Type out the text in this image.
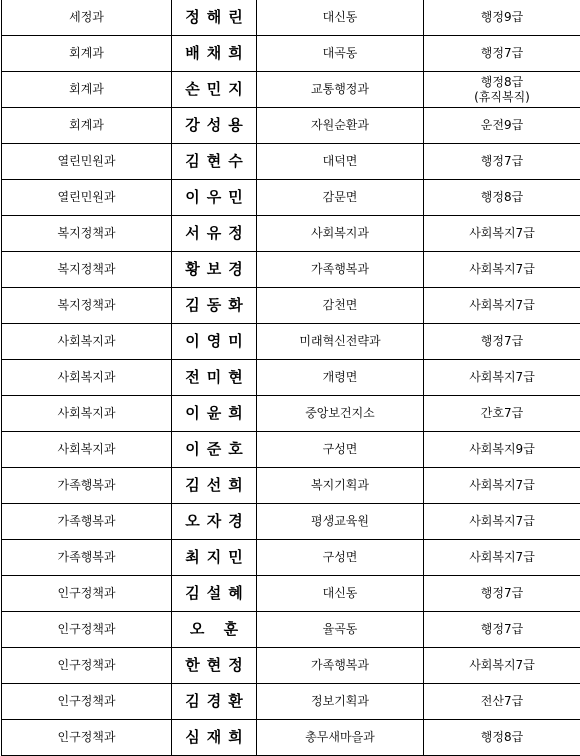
세정과	정해린	대신동	행정9급

회계과	배채희	대곡동	행정7급

회계과	손민지	교통행정과	행정8급
(휴직복직)

회계과	강성용	자원순환과	운전9급

열린민원과	김현수	대덕면	행정7급

열린민원과	이우민	감문면	행정8급

복지정책과	서유정	사회복지과	사회복지7급

복지정책과	황보경	가족행복과	사회복지7급

복지정책과	김동화	감천면	사회복지7급

사회복지과	이영미	미래혁신전략과	행정7급

사회복지과	전미현	개령면	사회복지7급

사회복지과	이윤희	중앙보건지소	간호7급

사회복지과	이준호	구성면	사회복지9급

가족행복과	김선희	복지기획과	사회복지7급

가족행복과	오자경	평생교육원	사회복지7급

가족행복과	최지민	구성면	사회복지7급

인구정책과	김설혜	대신동	행정7급

인구정책과	오 훈	율곡동	행정7급

인구정책과	한현정	가족행복과	사회복지7급

인구정책과	김경환	정보기획과	전산7급

인구정책과	심재희	총무새마을과	행정8급
